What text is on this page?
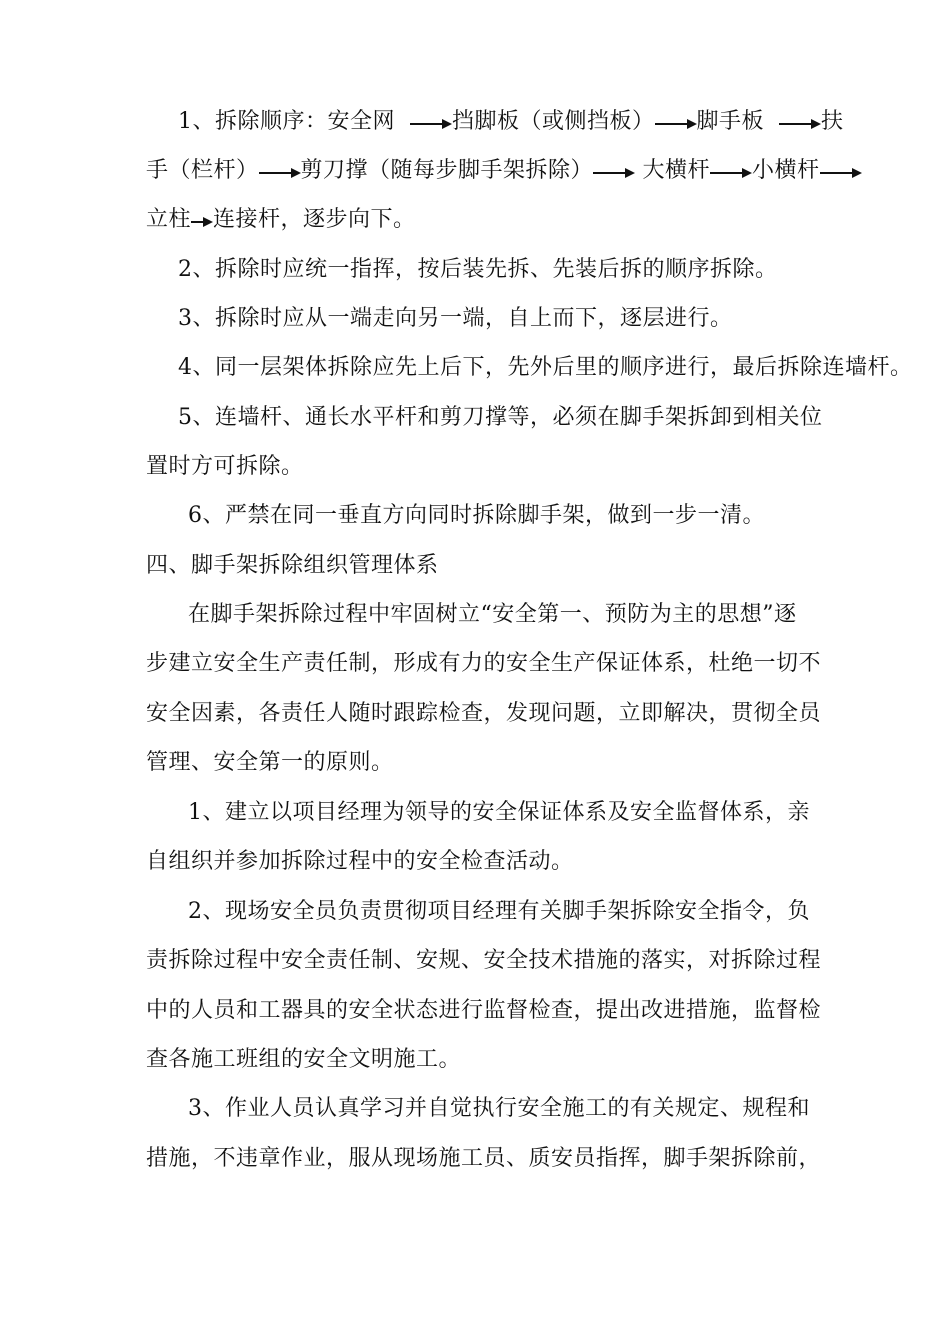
1、拆除顺序：安全网	挡脚板（或侧挡板） 脚手板	扶
手（栏杆） 剪刀撑（随每步脚手架拆除） 大横杆 小横杆
立柱 连接杆，逐步向下。
2、拆除时应统一指挥，按后装先拆、先装后拆的顺序拆除。
3、拆除时应从一端走向另一端，自上而下，逐层进行。
4、同一层架体拆除应先上后下，先外后里的顺序进行，最后拆除连墙杆。
5、连墙杆、通长水平杆和剪刀撑等，必须在脚手架拆卸到相关位
置时方可拆除。
6、严禁在同一垂直方向同时拆除脚手架，做到一步一清。
四、脚手架拆除组织管理体系
在脚手架拆除过程中牢固树立“安全第一、预防为主的思想”逐
步建立安全生产责任制，形成有力的安全生产保证体系，杜绝一切不
安全因素，各责任人随时跟踪检查，发现问题，立即解决，贯彻全员
管理、安全第一的原则。
1、建立以项目经理为领导的安全保证体系及安全监督体系，亲
自组织并参加拆除过程中的安全检查活动。
2、现场安全员负责贯彻项目经理有关脚手架拆除安全指令，负
责拆除过程中安全责任制、安规、安全技术措施的落实，对拆除过程
中的人员和工器具的安全状态进行监督检查，提出改进措施，监督检
查各施工班组的安全文明施工。
3、作业人员认真学习并自觉执行安全施工的有关规定、规程和
措施，不违章作业，服从现场施工员、质安员指挥，脚手架拆除前，
